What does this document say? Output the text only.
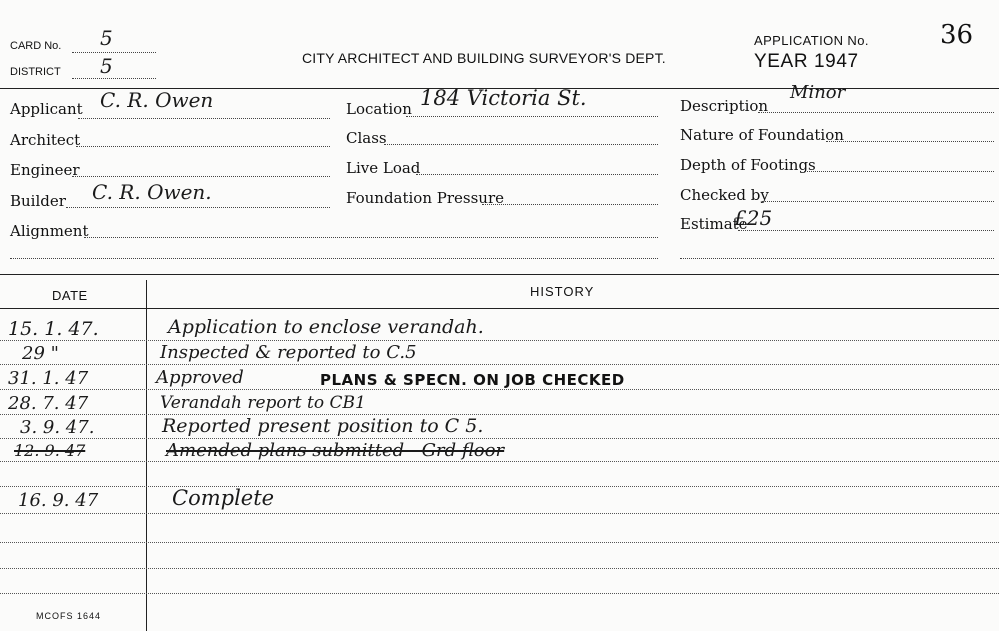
CARD No. 5
DISTRICT 5	CITY ARCHITECT AND BUILDING SURVEYOR'S DEPT.
APPLICATION No.	36
YEAR 1947
Applicant C. R. Owen
Architect
Engineer
Builder C. R. Owen.
Alignment
Location 184 Victoria St.
Class
Live Load
Foundation Pressure
Description
Minor
Nature of Foundation
Depth of Footings
Checked by
Estimate
£25
DATE	HISTORY
15. 1. 47.	Application to enclose verandah.
29 "	Inspected & reported to C.5
31. 1. 47	Approved	PLANS & SPECN. ON JOB CHECKED
28. 7. 47	Verandah report to CB1
3. 9. 47.	Reported present position to C 5.
12. 9. 47	Amended plans submitted - Grd floor
16. 9. 47	Complete
MCOFS 1644
